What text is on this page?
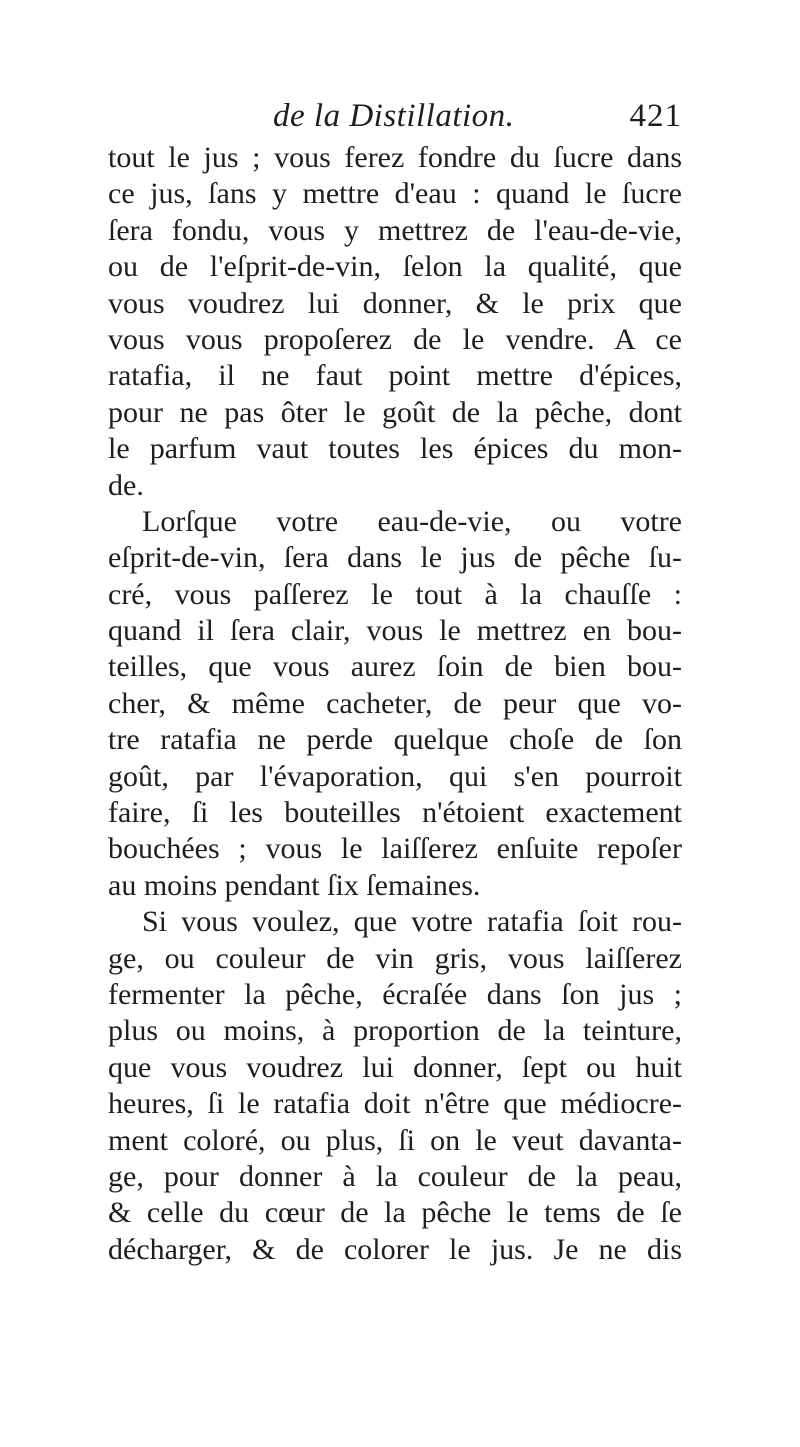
de la Distillation.	421
tout le jus ; vous ferez fondre du ſucre dans
ce jus, ſans y mettre d'eau : quand le ſucre
ſera fondu, vous y mettrez de l'eau-de-vie,
ou de l'eſprit-de-vin, ſelon la qualité, que
vous voudrez lui donner, & le prix que
vous vous propoſerez de le vendre. A ce
ratafia, il ne faut point mettre d'épices,
pour ne pas ôter le goût de la pêche, dont
le parfum vaut toutes les épices du mon-
de.
Lorſque votre eau-de-vie, ou votre
eſprit-de-vin, ſera dans le jus de pêche ſu-
cré, vous paſſerez le tout à la chauſſe :
quand il ſera clair, vous le mettrez en bou-
teilles, que vous aurez ſoin de bien bou-
cher, & même cacheter, de peur que vo-
tre ratafia ne perde quelque choſe de ſon
goût, par l'évaporation, qui s'en pourroit
faire, ſi les bouteilles n'étoient exactement
bouchées ; vous le laiſſerez enſuite repoſer
au moins pendant ſix ſemaines.
Si vous voulez, que votre ratafia ſoit rou-
ge, ou couleur de vin gris, vous laiſſerez
fermenter la pêche, écraſée dans ſon jus ;
plus ou moins, à proportion de la teinture,
que vous voudrez lui donner, ſept ou huit
heures, ſi le ratafia doit n'être que médiocre-
ment coloré, ou plus, ſi on le veut davanta-
ge, pour donner à la couleur de la peau,
& celle du cœur de la pêche le tems de ſe
décharger, & de colorer le jus. Je ne dis
